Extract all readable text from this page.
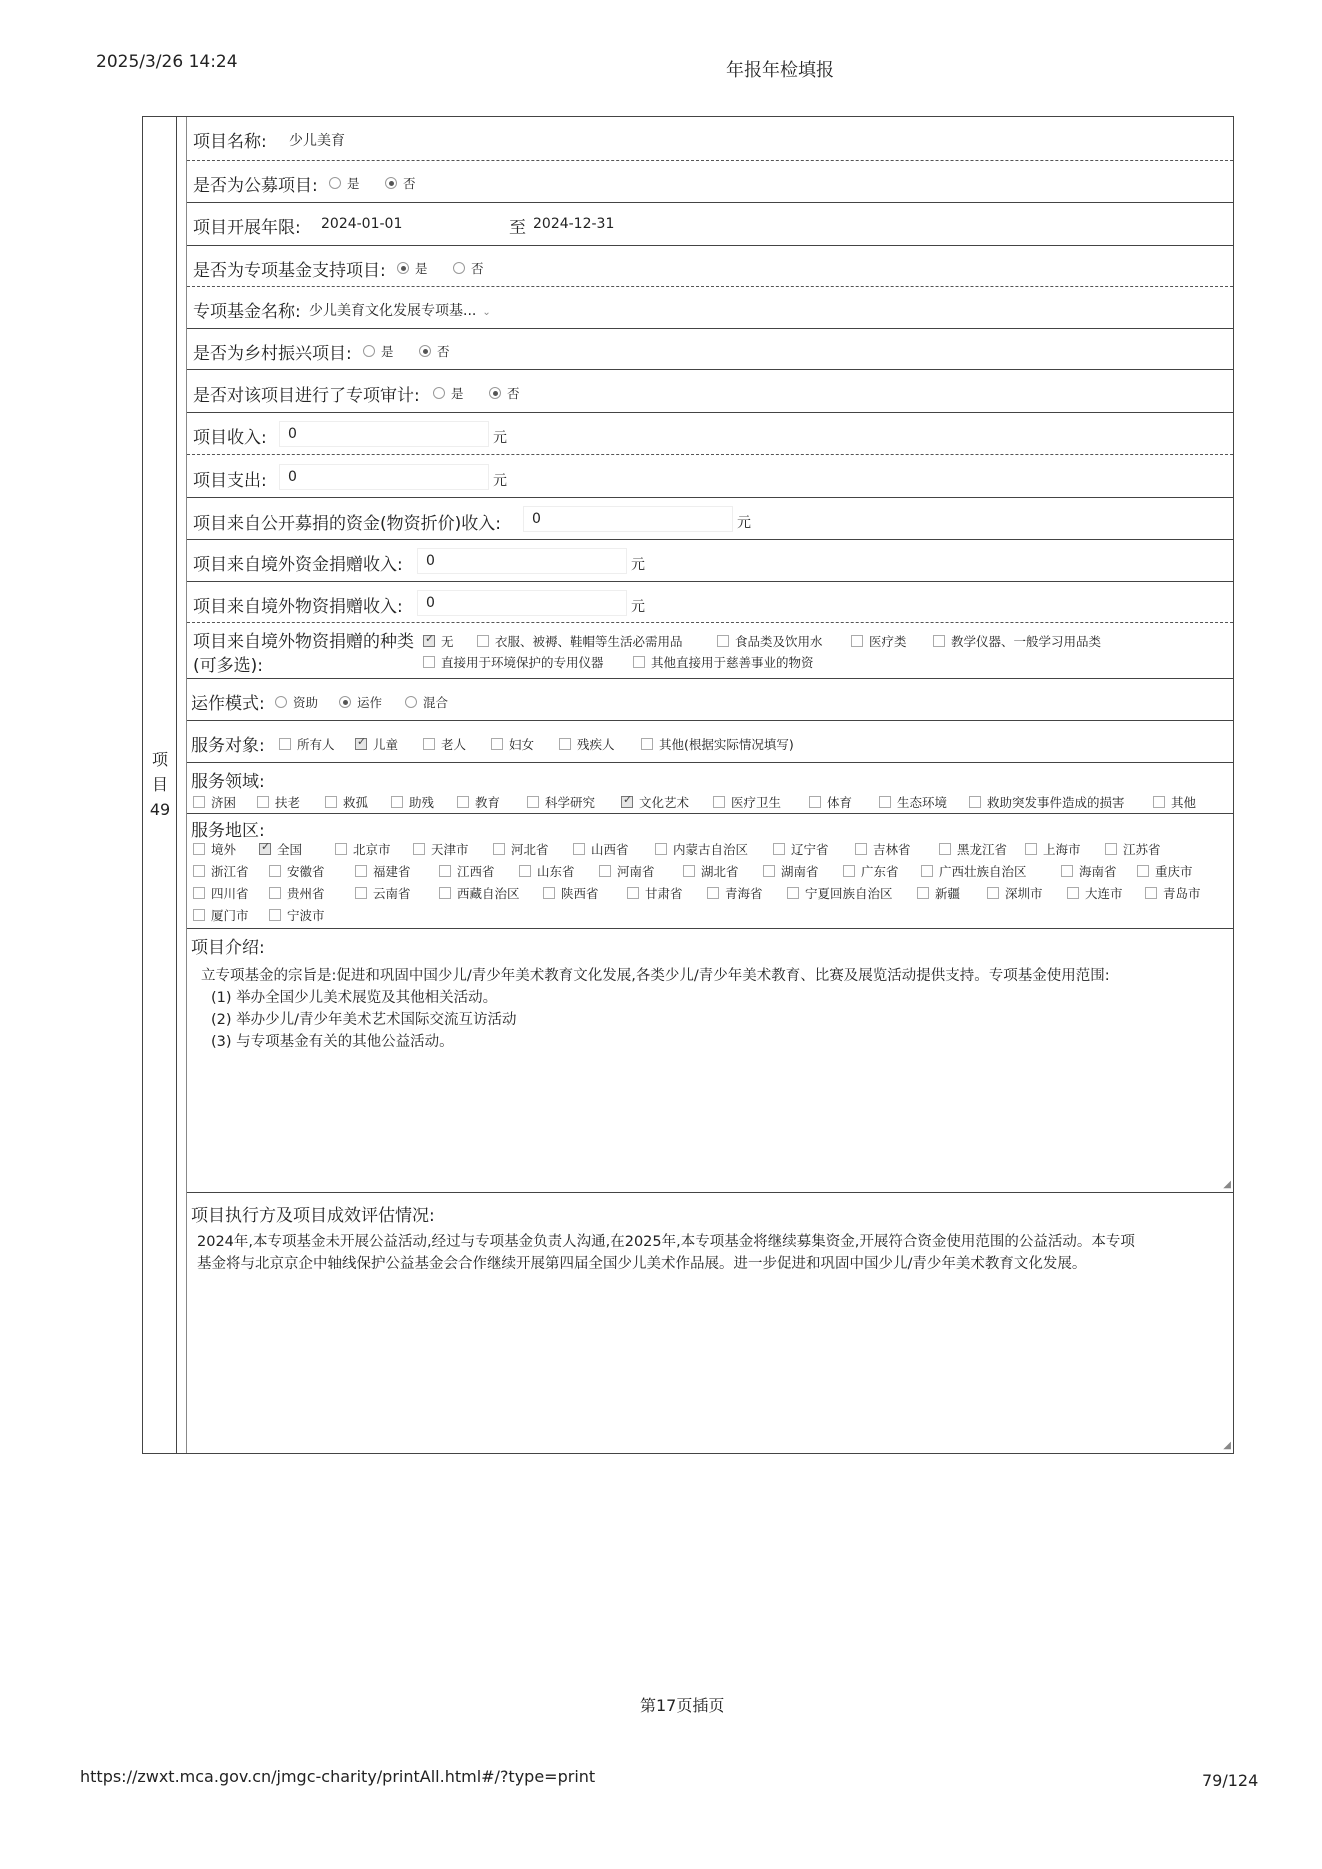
2025/3/26 14:24	年报年检填报
项
目
49
项目名称: 少儿美育
是否为公募项目: 是	否
项目开展年限: 2024-01-01	至 2024-12-31
是否为专项基金支持项目: 是	否
专项基金名称: 少儿美育文化发展专项基... ⌄
是否为乡村振兴项目: 是	否
是否对该项目进行了专项审计:	是	否
项目收入:	0	元
项目支出:	0	元
项目来自公开募捐的资金(物资折价)收入:	0	元
项目来自境外资金捐赠收入:	0	元
项目来自境外物资捐赠收入:	0	元
项目来自境外物资捐赠的种类
(可多选):
✓
无	衣服、被褥、鞋帽等生活必需用品	食品类及饮用水	医疗类	教学仪器、一般学习用品类
直接用于环境保护的专用仪器	其他直接用于慈善事业的物资
运作模式: 资助	运作	混合
服务对象:	所有人 ✓	儿童	老人	妇女	残疾人	其他(根据实际情况填写)
服务领域:
济困	扶老	救孤	助残	教育	科学研究 ✓	文化艺术	医疗卫生	体育	生态环境	救助突发事件造成的损害	其他
服务地区:
境外 ✓	全国	北京市	天津市	河北省	山西省	内蒙古自治区	辽宁省	吉林省	黑龙江省	上海市	江苏省
浙江省	安徽省	福建省	江西省	山东省	河南省	湖北省	湖南省	广东省	广西壮族自治区	海南省	重庆市
四川省	贵州省	云南省	西藏自治区	陕西省	甘肃省	青海省	宁夏回族自治区	新疆	深圳市	大连市	青岛市
厦门市	宁波市
项目介绍:
立专项基金的宗旨是:促进和巩固中国少儿/青少年美术教育文化发展,各类少儿/青少年美术教育、比赛及展览活动提供支持。专项基金使用范围:
(1) 举办全国少儿美术展览及其他相关活动。
(2) 举办少儿/青少年美术艺术国际交流互访活动
(3) 与专项基金有关的其他公益活动。
◢
项目执行方及项目成效评估情况:
2024年,本专项基金未开展公益活动,经过与专项基金负责人沟通,在2025年,本专项基金将继续募集资金,开展符合资金使用范围的公益活动。本专项
基金将与北京京企中轴线保护公益基金会合作继续开展第四届全国少儿美术作品展。进一步促进和巩固中国少儿/青少年美术教育文化发展。
◢
第17页插页
https://zwxt.mca.gov.cn/jmgc-charity/printAll.html#/?type=print	79/124
